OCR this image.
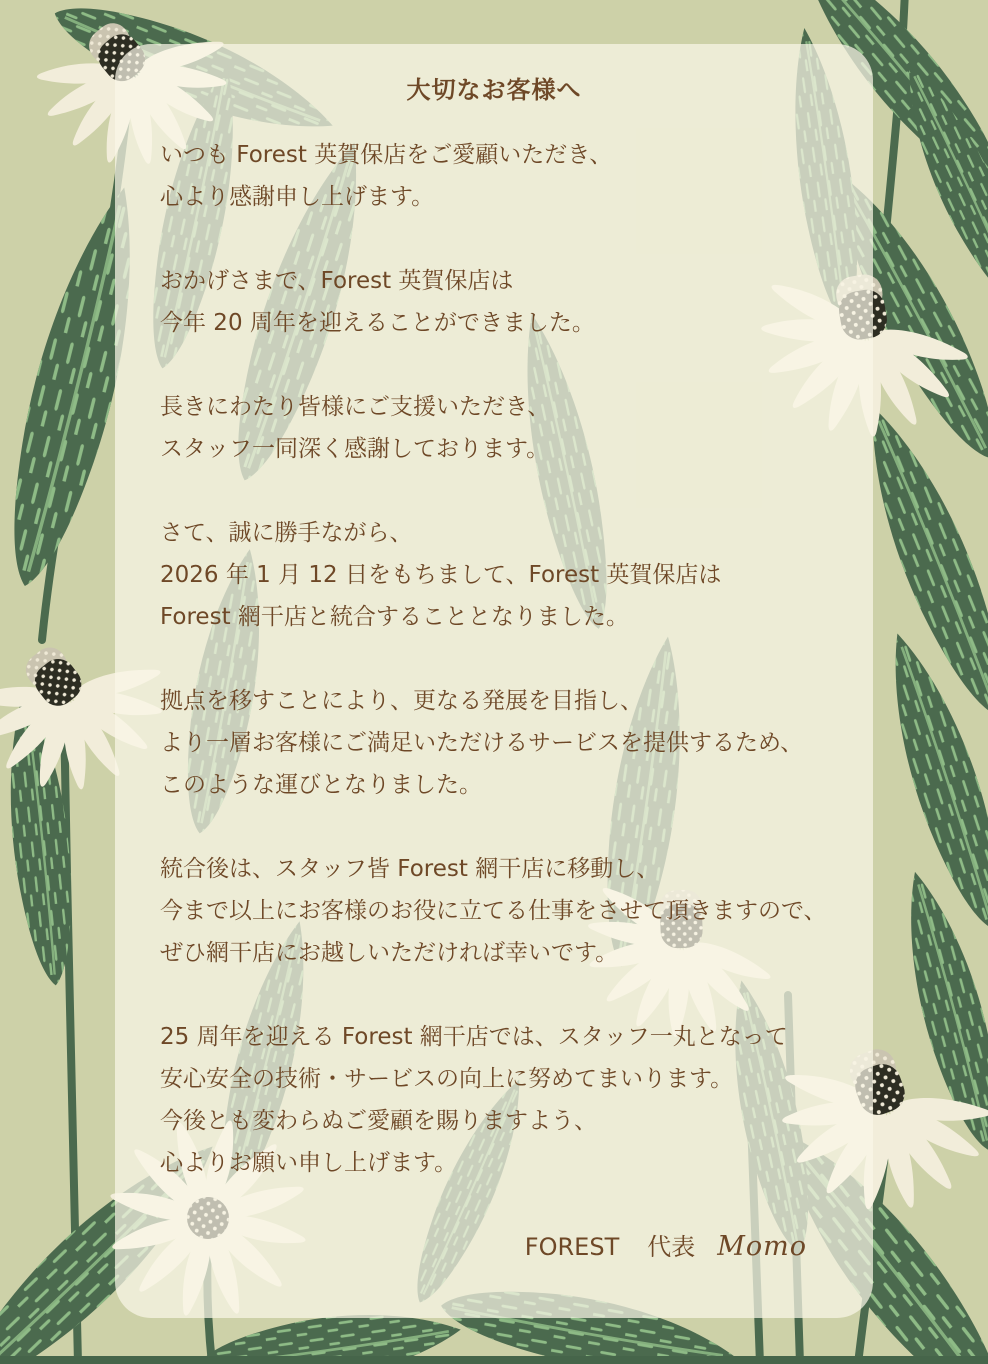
大切なお客様へ
いつも Forest 英賀保店をご愛顧いただき、
心より感謝申し上げます。
おかげさまで、Forest 英賀保店は
今年 20 周年を迎えることができました。
長きにわたり皆様にご支援いただき、
スタッフ一同深く感謝しております。
さて、誠に勝手ながら、
2026 年 1 月 12 日をもちまして、Forest 英賀保店は
Forest 網干店と統合することとなりました。
拠点を移すことにより、更なる発展を目指し、
より一層お客様にご満足いただけるサービスを提供するため、
このような運びとなりました。
統合後は、スタッフ皆 Forest 網干店に移動し、
今まで以上にお客様のお役に立てる仕事をさせて頂きますので、
ぜひ網干店にお越しいただければ幸いです。
25 周年を迎える Forest 網干店では、スタッフ一丸となって
安心安全の技術・サービスの向上に努めてまいります。
今後とも変わらぬご愛顧を賜りますよう、
心よりお願い申し上げます。
FOREST 代表 Momo
